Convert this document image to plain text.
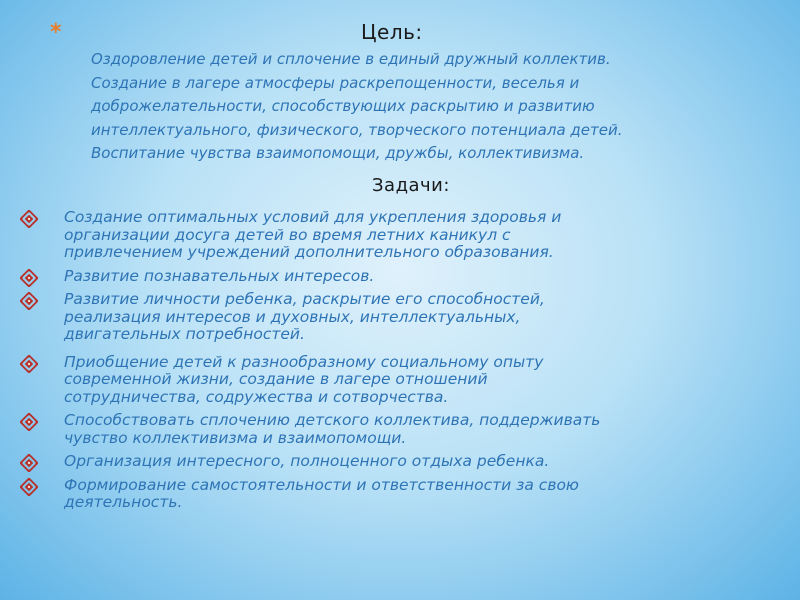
*	Цель:
Оздоровление детей и сплочение в единый дружный коллектив.
Создание в лагере атмосферы раскрепощенности, веселья и
доброжелательности, способствующих раскрытию и развитию
интеллектуального, физического, творческого потенциала детей.
Воспитание чувства взаимопомощи, дружбы, коллективизма.
Задачи:
Создание оптимальных условий для укрепления здоровья и
организации досуга детей во время летних каникул с
привлечением учреждений дополнительного образования.
Развитие познавательных интересов.
Развитие личности ребенка, раскрытие его способностей,
реализация интересов и духовных, интеллектуальных,
двигательных потребностей.
Приобщение детей к разнообразному социальному опыту
современной жизни, создание в лагере отношений
сотрудничества, содружества и сотворчества.
Способствовать сплочению детского коллектива, поддерживать
чувство коллективизма и взаимопомощи.
Организация интересного, полноценного отдыха ребенка.
Формирование самостоятельности и ответственности за свою
деятельность.
